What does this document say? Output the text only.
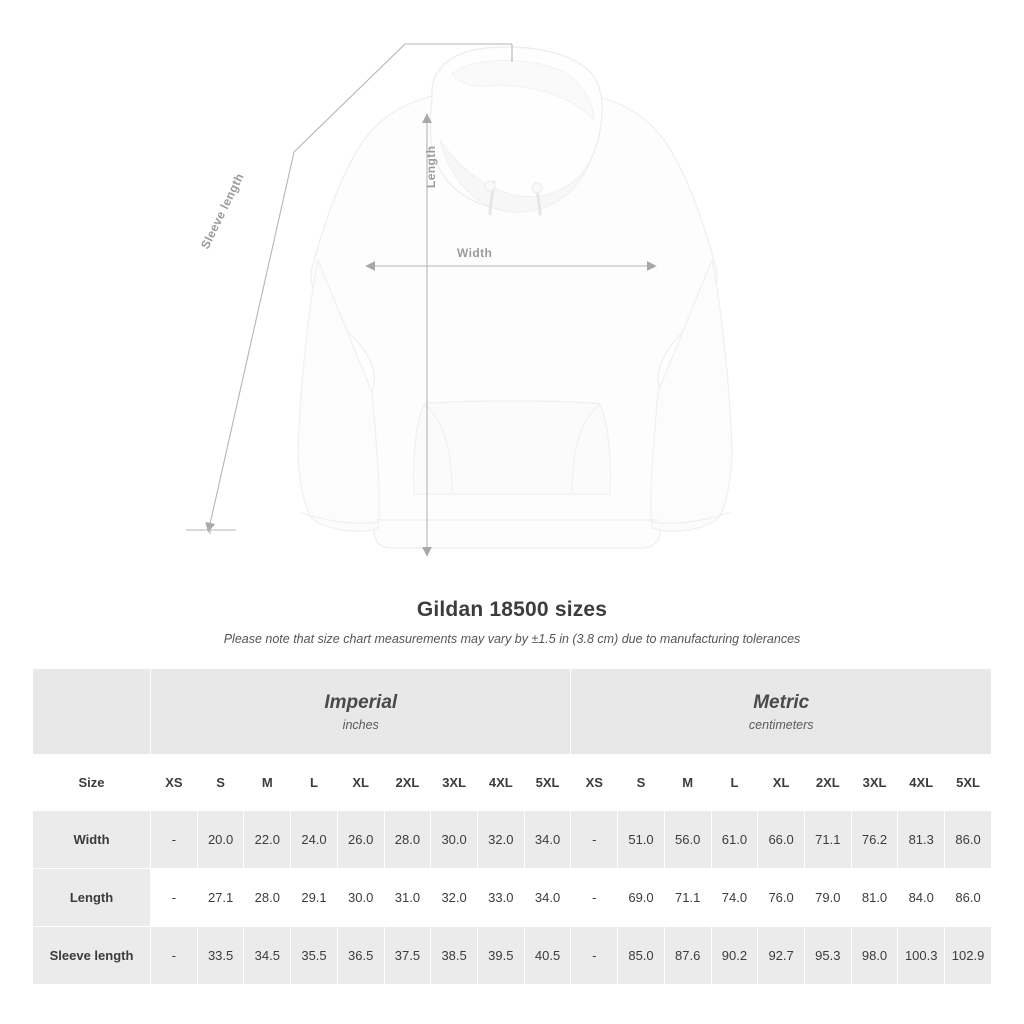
Sleeve length
Length
Width
Gildan 18500 sizes
Please note that size chart measurements may vary by ±1.5 in (3.8 cm) due to manufacturing tolerances

Imperial
inches

Metric
centimeters

Size	XS	S	M	L	XL	2XL	3XL	4XL	5XL	XS	S	M	L	XL	2XL	3XL	4XL	5XL
Width	-	20.0	22.0	24.0	26.0	28.0	30.0	32.0	34.0	-	51.0	56.0	61.0	66.0	71.1	76.2	81.3	86.0
Length	-	27.1	28.0	29.1	30.0	31.0	32.0	33.0	34.0	-	69.0	71.1	74.0	76.0	79.0	81.0	84.0	86.0
Sleeve length	-	33.5	34.5	35.5	36.5	37.5	38.5	39.5	40.5	-	85.0	87.6	90.2	92.7	95.3	98.0	100.3	102.9
